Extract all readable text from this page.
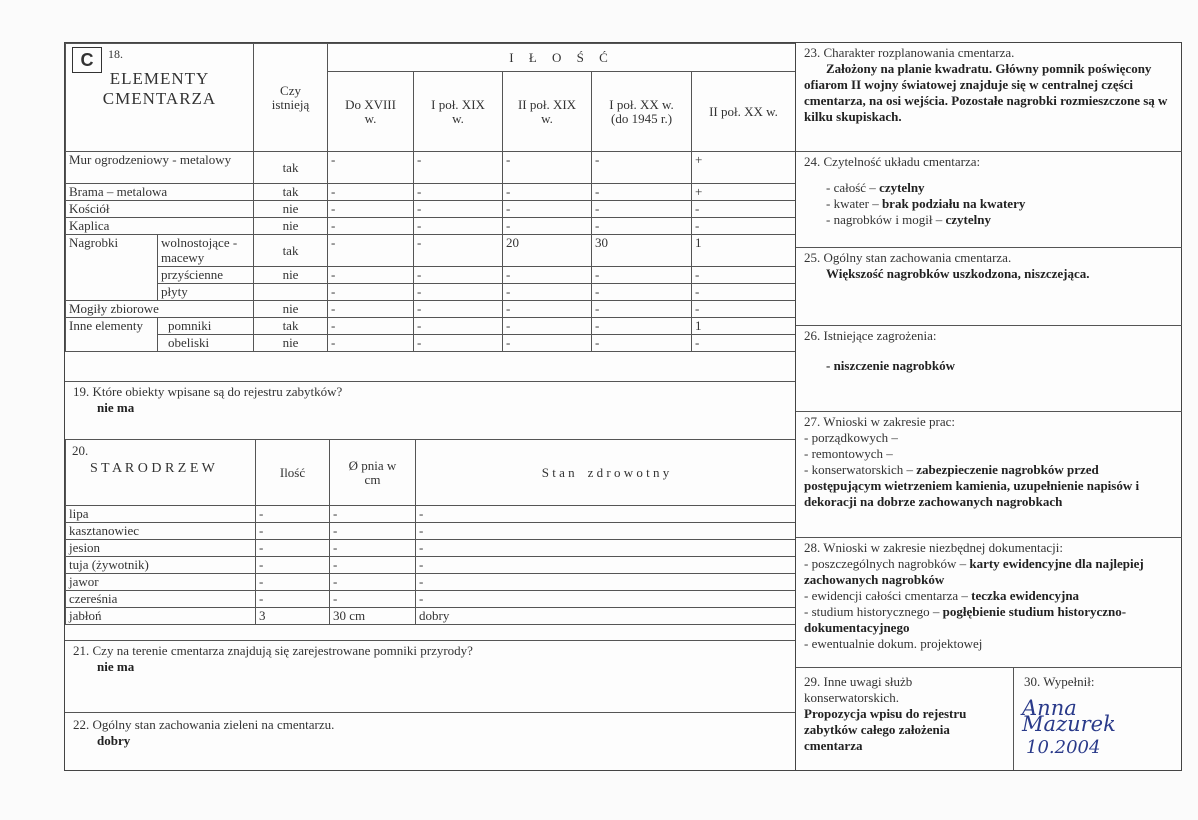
C 18.
ELEMENTY
CMENTARZA		Czy istnieją	I Ł O Ś Ć				
			Do XVIII w.	I poł. XIX w.	II poł. XIX w.	I poł. XX w. (do 1945 r.)	II poł. XX w.
Mur ogrodzeniowy - metalowy		tak	-	-	-	-	+
Brama – metalowa		tak	-	-	-	-	+
Kościół		nie	-	-	-	-	-
Kaplica		nie	-	-	-	-	-
Nagrobki	wolnostojące - macewy	tak	-	-	20	30	1
	przyścienne	nie	-	-	-	-	-
	płyty		-	-	-	-	-
Mogiły zbiorowe		nie	-	-	-	-	-
Inne elementy	pomniki	tak	-	-	-	-	1
	obeliski	nie	-	-	-	-	-
19. Które obiekty wpisane są do rejestru zabytków?
nie ma
20.
S T A R O D R Z E W	Ilość	Ø pnia w cm	S t a n    z d r o w o t n y
lipa	-	-	-
kasztanowiec	-	-	-
jesion	-	-	-
tuja (żywotnik)	-	-	-
jawor	-	-	-
czereśnia	-	-	-
jabłoń	3	30 cm	dobry
21. Czy na terenie cmentarza znajdują się zarejestrowane pomniki przyrody?
nie ma
22. Ogólny stan zachowania zieleni na cmentarzu.
dobry
23. Charakter rozplanowania cmentarza.
Założony na planie kwadratu. Główny pomnik poświęcony ofiarom II wojny światowej znajduje się w centralnej części cmentarza, na osi wejścia. Pozostałe nagrobki rozmieszczone są w kilku skupiskach.
24. Czytelność układu cmentarza:
- całość – czytelny
- kwater – brak podziału na kwatery
- nagrobków i mogił – czytelny
25. Ogólny stan zachowania cmentarza.
Większość nagrobków uszkodzona, niszczejąca.
26. Istniejące zagrożenia:
- niszczenie nagrobków
27. Wnioski w zakresie prac:
- porządkowych –
- remontowych –
- konserwatorskich – zabezpieczenie nagrobków przed postępującym wietrzeniem kamienia, uzupełnienie napisów i dekoracji na dobrze zachowanych nagrobkach
28. Wnioski w zakresie niezbędnej dokumentacji:
- poszczególnych nagrobków – karty ewidencyjne dla najlepiej zachowanych nagrobków
- ewidencji całości cmentarza – teczka ewidencyjna
- studium historycznego – pogłębienie studium historyczno-dokumentacyjnego
- ewentualnie dokum. projektowej
29. Inne uwagi służb konserwatorskich.
Propozycja wpisu do rejestru zabytków całego założenia cmentarza
30. Wypełnił:
Anna Mazurek
10.2004
